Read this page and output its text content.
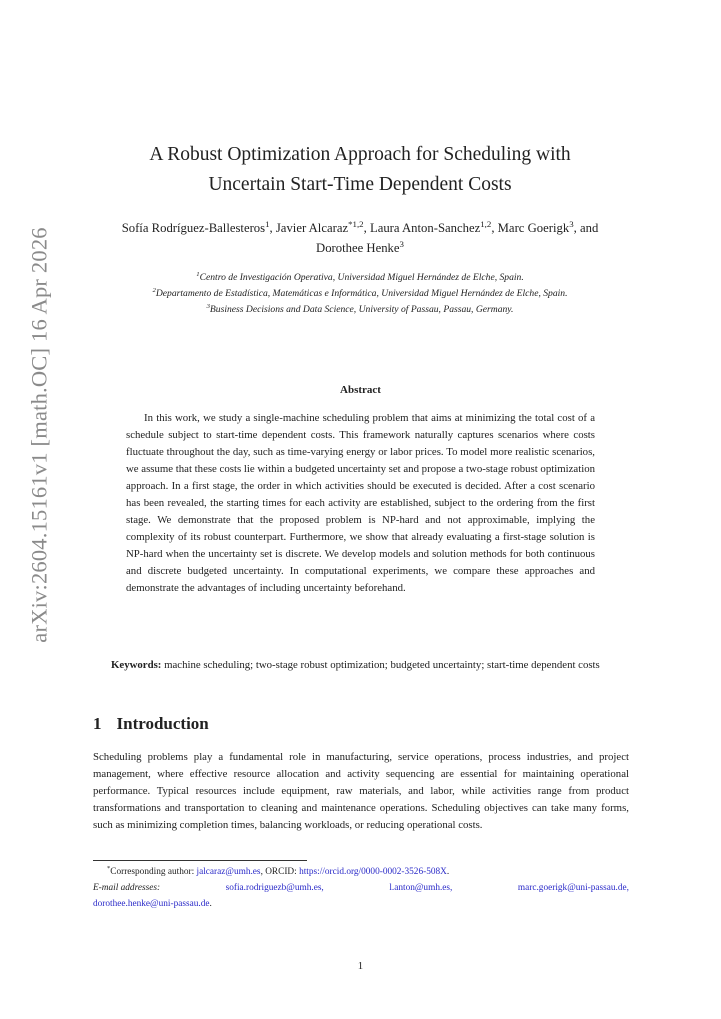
arXiv:2604.15161v1 [math.OC] 16 Apr 2026
A Robust Optimization Approach for Scheduling with
Uncertain Start-Time Dependent Costs
Sofía Rodríguez-Ballesteros$^1$, Javier Alcaraz$^{*1,2}$, Laura Anton-Sanchez$^{1,2}$, Marc Goerigk$^3$, and Dorothee Henke$^3$
$^1$Centro de Investigación Operativa, Universidad Miguel Hernández de Elche, Spain.
$^2$Departamento de Estadística, Matemáticas e Informática, Universidad Miguel Hernández de Elche, Spain.
$^3$Business Decisions and Data Science, University of Passau, Passau, Germany.
Abstract

In this work, we study a single-machine scheduling problem that aims at minimizing the total cost of a schedule subject to start-time dependent costs. This framework naturally captures scenarios where costs fluctuate throughout the day, such as time-varying energy or labor prices. To model more realistic scenarios, we assume that these costs lie within a budgeted uncertainty set and propose a two-stage robust optimization approach. In a first stage, the order in which activities should be executed is decided. After a cost scenario has been revealed, the starting times for each activity are established, subject to the ordering from the first stage. We demonstrate that the proposed problem is NP-hard and not approximable, implying the complexity of its robust counterpart. Furthermore, we show that already evaluating a first-stage solution is NP-hard when the uncertainty set is discrete. We develop models and solution methods for both continuous and discrete budgeted uncertainty. In computational experiments, we compare these approaches and demonstrate the advantages of including uncertainty beforehand.

Keywords: machine scheduling; two-stage robust optimization; budgeted uncertainty; start-time dependent costs

1 Introduction

Scheduling problems play a fundamental role in manufacturing, service operations, process industries, and project management, where effective resource allocation and activity sequencing are essential for maintaining operational performance. Typical resources include equipment, raw materials, and labor, while activities range from product transformations and transportation to cleaning and maintenance operations. Scheduling objectives can take many forms, such as minimizing completion times, balancing workloads, or reducing operational costs.

*Corresponding author: jalcaraz@umh.es, ORCID: https://orcid.org/0000-0002-3526-508X.
E-mail addresses:	sofia.rodriguezb@umh.es,	l.anton@umh.es,	marc.goerigk@uni-passau.de,
dorothee.henke@uni-passau.de.
1
